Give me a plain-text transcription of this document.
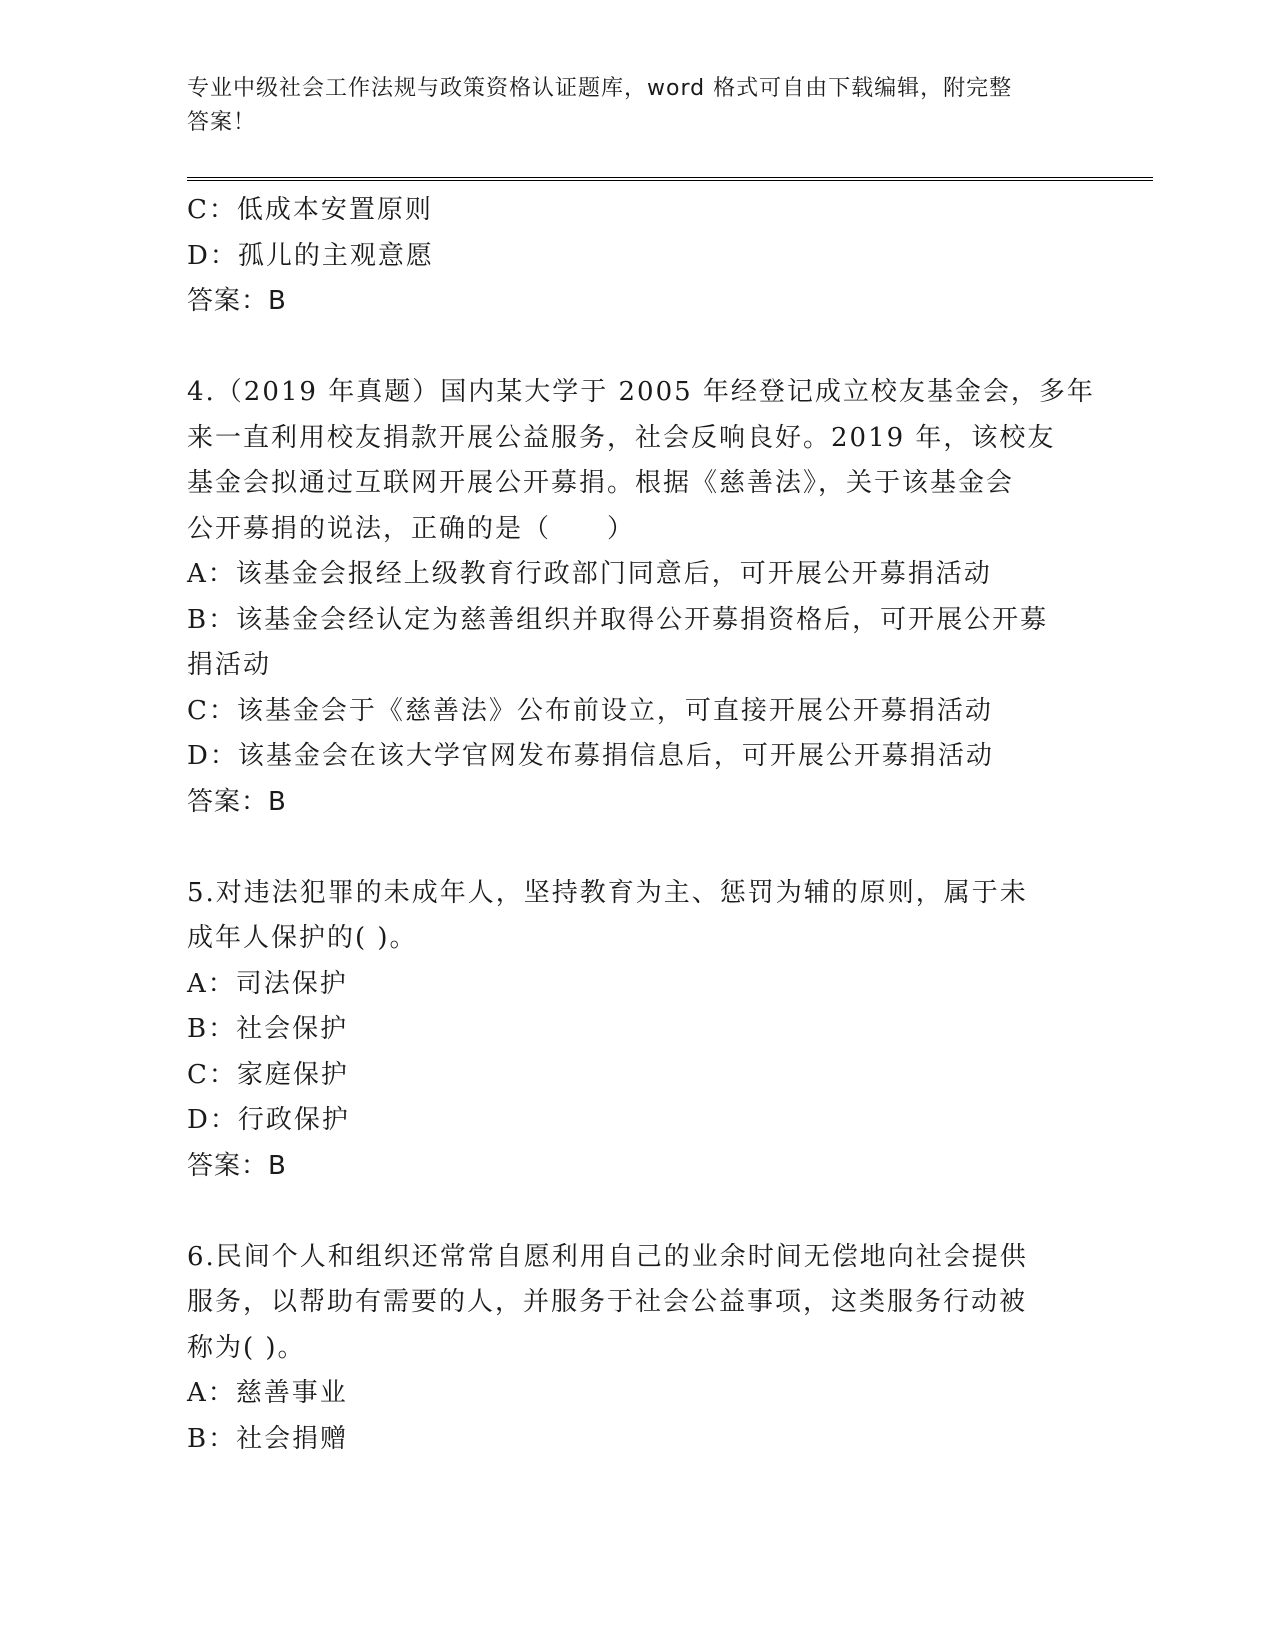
专业中级社会工作法规与政策资格认证题库，word 格式可自由下载编辑，附完整
答案！
C：低成本安置原则
D：孤儿的主观意愿
答案：B
4.（2019 年真题）国内某大学于 2005 年经登记成立校友基金会，多年
来一直利用校友捐款开展公益服务，社会反响良好。2019 年，该校友
基金会拟通过互联网开展公开募捐。根据《慈善法》，关于该基金会
公开募捐的说法，正确的是（　　）
A：该基金会报经上级教育行政部门同意后，可开展公开募捐活动
B：该基金会经认定为慈善组织并取得公开募捐资格后，可开展公开募
捐活动
C：该基金会于《慈善法》公布前设立，可直接开展公开募捐活动
D：该基金会在该大学官网发布募捐信息后，可开展公开募捐活动
答案：B
5.对违法犯罪的未成年人，坚持教育为主、惩罚为辅的原则，属于未
成年人保护的( )。
A：司法保护
B：社会保护
C：家庭保护
D：行政保护
答案：B
6.民间个人和组织还常常自愿利用自己的业余时间无偿地向社会提供
服务，以帮助有需要的人，并服务于社会公益事项，这类服务行动被
称为( )。
A：慈善事业
B：社会捐赠
